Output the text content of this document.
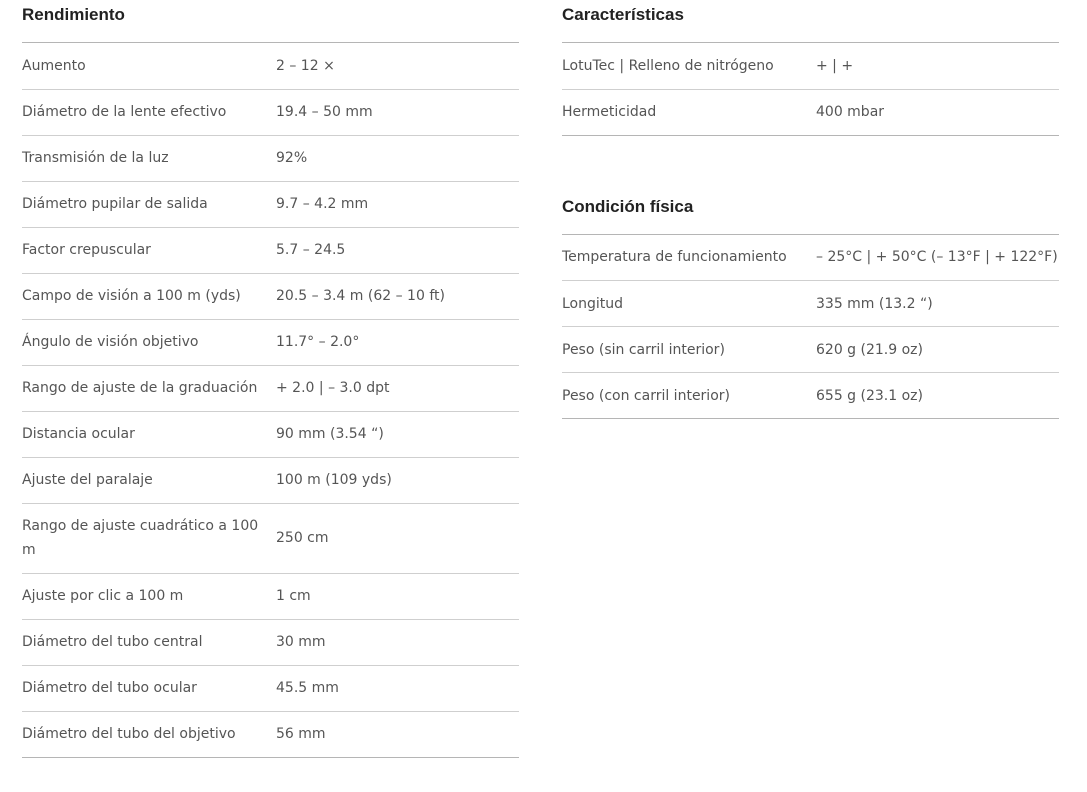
Rendimiento
Aumento	2 – 12 ×
Diámetro de la lente efectivo	19.4 – 50 mm
Transmisión de la luz	92%
Diámetro pupilar de salida	9.7 – 4.2 mm
Factor crepuscular	5.7 – 24.5
Campo de visión a 100 m (yds)	20.5 – 3.4 m (62 – 10 ft)
Ángulo de visión objetivo	11.7° – 2.0°
Rango de ajuste de la graduación	+ 2.0 | – 3.0 dpt
Distancia ocular	90 mm (3.54 “)
Ajuste del paralaje	100 m (109 yds)
Rango de ajuste cuadrático a 100 m	250 cm
Ajuste por clic a 100 m	1 cm
Diámetro del tubo central	30 mm
Diámetro del tubo ocular	45.5 mm
Diámetro del tubo del objetivo	56 mm
Características
LotuTec | Relleno de nitrógeno	+ | +
Hermeticidad	400 mbar
Condición física
Temperatura de funcionamiento	– 25°C | + 50°C (– 13°F | + 122°F)
Longitud	335 mm (13.2 “)
Peso (sin carril interior)	620 g (21.9 oz)
Peso (con carril interior)	655 g (23.1 oz)
